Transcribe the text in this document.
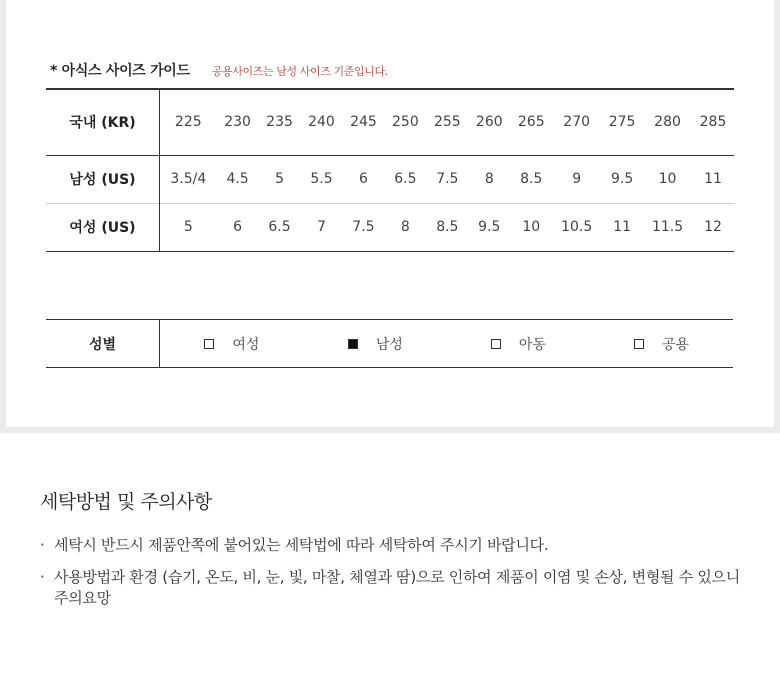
* 아식스 사이즈 가이드 공용사이즈는 남성 사이즈 기준입니다.
국내 (KR)	225	230	235	240	245	250	255	260	265	270	275	280	285
남성 (US)	3.5/4	4.5	5	5.5	6	6.5	7.5	8	8.5	9	9.5	10	11
여성 (US)	5	6	6.5	7	7.5	8	8.5	9.5	10	10.5	11	11.5	12
성별	여성	남성	아동	공용
세탁방법 및 주의사항
· 세탁시 반드시 제품안쪽에 붙어있는 세탁법에 따라 세탁하여 주시기 바랍니다.
· 사용방법과 환경 (습기, 온도, 비, 눈, 빛, 마찰, 체열과 땀)으로 인하여 제품이 이염 및 손상, 변형될 수 있으니 주의요망
